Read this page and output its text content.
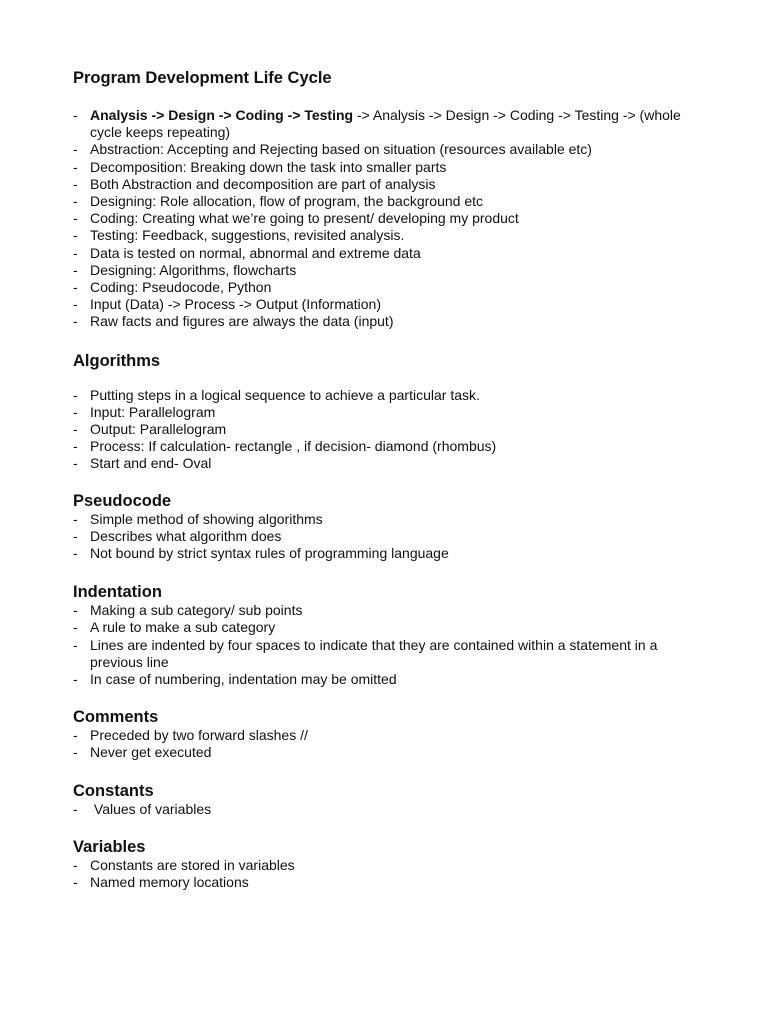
Program Development Life Cycle
- Analysis -> Design -> Coding -> Testing -> Analysis -> Design -> Coding -> Testing -> (whole cycle keeps repeating)
- Abstraction: Accepting and Rejecting based on situation (resources available etc)
- Decomposition: Breaking down the task into smaller parts
- Both Abstraction and decomposition are part of analysis
- Designing: Role allocation, flow of program, the background etc
- Coding: Creating what we’re going to present/ developing my product
- Testing: Feedback, suggestions, revisited analysis.
- Data is tested on normal, abnormal and extreme data
- Designing: Algorithms, flowcharts
- Coding: Pseudocode, Python
- Input (Data) -> Process -> Output (Information)
- Raw facts and figures are always the data (input)
Algorithms
- Putting steps in a logical sequence to achieve a particular task.
- Input: Parallelogram
- Output: Parallelogram
- Process: If calculation- rectangle , if decision- diamond (rhombus)
- Start and end- Oval
Pseudocode
- Simple method of showing algorithms
- Describes what algorithm does
- Not bound by strict syntax rules of programming language
Indentation
- Making a sub category/ sub points
- A rule to make a sub category
- Lines are indented by four spaces to indicate that they are contained within a statement in a previous line
- In case of numbering, indentation may be omitted
Comments
- Preceded by two forward slashes //
- Never get executed
Constants
- Values of variables
Variables
- Constants are stored in variables
- Named memory locations
